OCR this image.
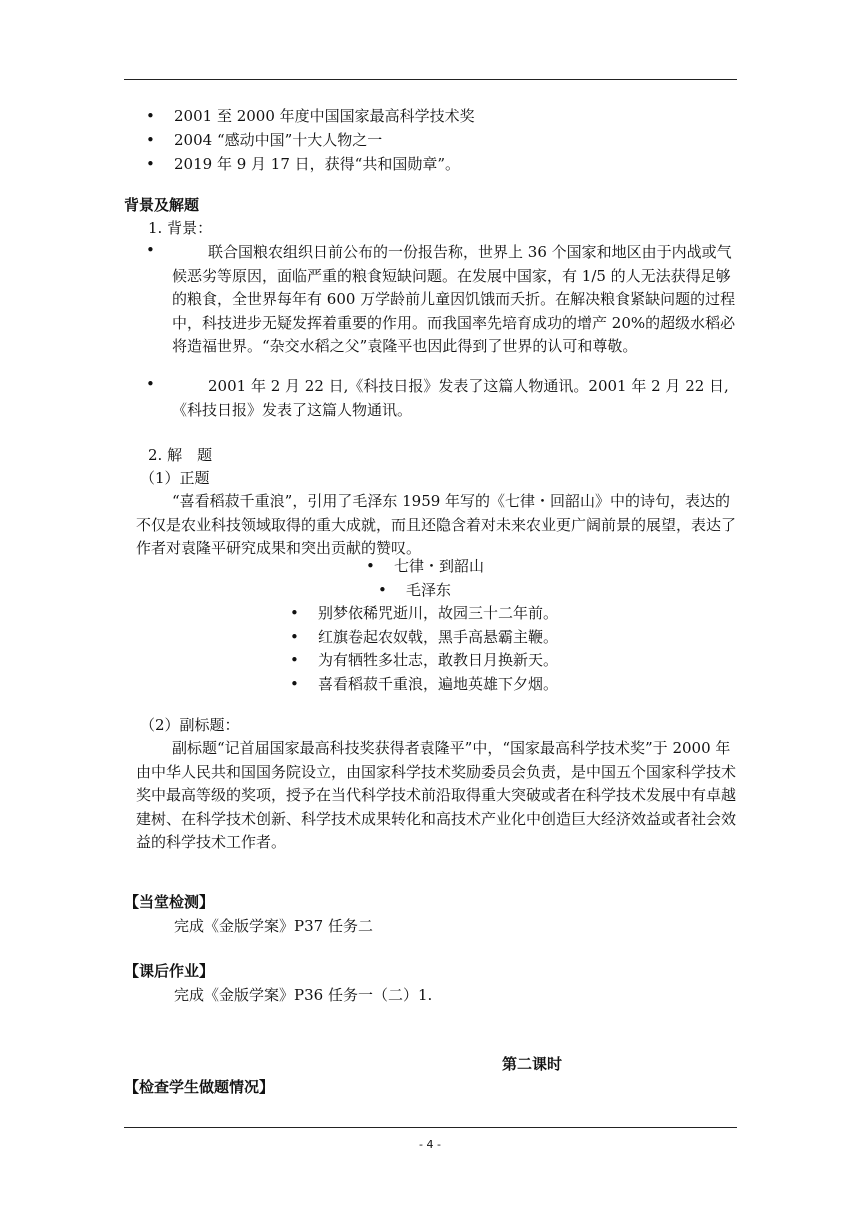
• 2001 至 2000 年度中国国家最高科学技术奖
• 2004 “感动中国”十大人物之一
• 2019 年 9 月 17 日，获得“共和国勋章”。
背景及解题
1. 背景：
•	联合国粮农组织日前公布的一份报告称，世界上 36 个国家和地区由于内战或气候恶劣等原因，面临严重的粮食短缺问题。在发展中国家，有 1/5 的人无法获得足够的粮食，全世界每年有 600 万学龄前儿童因饥饿而夭折。在解决粮食紧缺问题的过程中，科技进步无疑发挥着重要的作用。而我国率先培育成功的增产 20%的超级水稻必将造福世界。“杂交水稻之父”袁隆平也因此得到了世界的认可和尊敬。

•	2001 年 2 月 22 日,《科技日报》发表了这篇人物通讯。2001 年 2 月 22 日,《科技日报》发表了这篇人物通讯。

2. 解　题
（1）正题

“喜看稻菽千重浪”，引用了毛泽东 1959 年写的《七律・回韶山》中的诗句，表达的不仅是农业科技领域取得的重大成就，而且还隐含着对未来农业更广阔前景的展望，表达了作者对袁隆平研究成果和突出贡献的赞叹。

• 七律・到韶山
• 毛泽东
• 别梦依稀咒逝川，故园三十二年前。
• 红旗卷起农奴戟，黑手高悬霸主鞭。
• 为有牺牲多壮志，敢教日月换新天。
• 喜看稻菽千重浪，遍地英雄下夕烟。
（2）副标题：

副标题“记首届国家最高科技奖获得者袁隆平”中，“国家最高科学技术奖”于 2000 年由中华人民共和国国务院设立，由国家科学技术奖励委员会负责，是中国五个国家科学技术奖中最高等级的奖项，授予在当代科学技术前沿取得重大突破或者在科学技术发展中有卓越建树、在科学技术创新、科学技术成果转化和高技术产业化中创造巨大经济效益或者社会效益的科学技术工作者。

【当堂检测】
完成《金版学案》P37 任务二
【课后作业】
完成《金版学案》P36 任务一（二）1.
第二课时
【检查学生做题情况】
- 4 -
